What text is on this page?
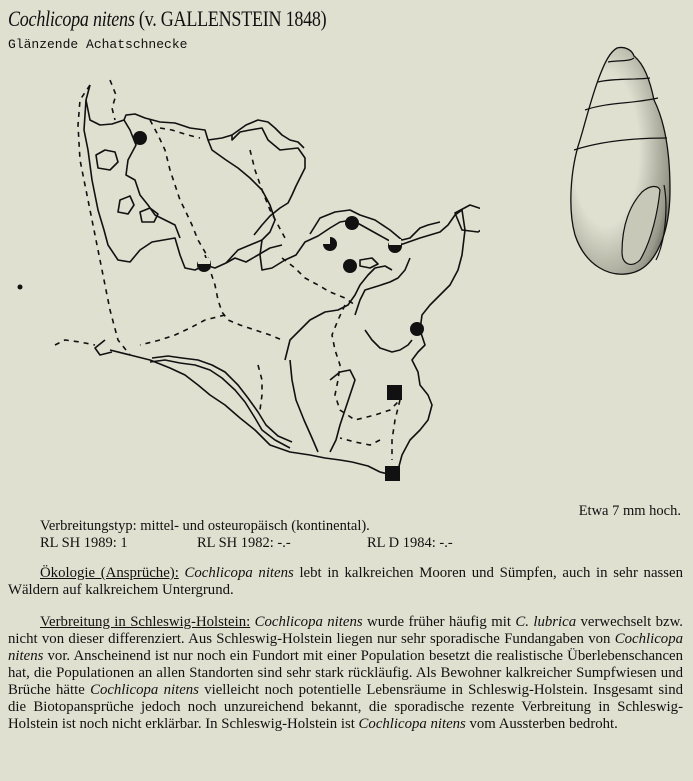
Cochlicopa nitens (v. GALLENSTEIN 1848)
Glänzende Achatschnecke
Etwa 7 mm hoch.
Verbreitungstyp: mittel- und osteuropäisch (kontinental).
RL SH 1989: 1	RL SH 1982: -.-	RL D 1984: -.-

Ökologie (Ansprüche): Cochlicopa nitens lebt in kalkreichen Mooren und Sümpfen, auch in sehr nassen Wäldern auf kalkreichem Untergrund.

Verbreitung in Schleswig-Holstein: Cochlicopa nitens wurde früher häufig mit C. lubrica verwechselt bzw. nicht von dieser differenziert. Aus Schleswig-Holstein liegen nur sehr sporadische Fundangaben von Cochlicopa nitens vor. Anscheinend ist nur noch ein Fundort mit einer Population besetzt die realistische Überlebenschancen hat, die Populationen an allen Standorten sind sehr stark rückläufig. Als Bewohner kalkreicher Sumpfwiesen und Brüche hätte Cochlicopa nitens vielleicht noch potentielle Lebensräume in Schleswig-Holstein. Insgesamt sind die Biotopansprüche jedoch noch unzureichend bekannt, die sporadische rezente Verbreitung in Schleswig-Holstein ist noch nicht erklärbar. In Schleswig-Holstein ist Cochlicopa nitens vom Aussterben bedroht.
